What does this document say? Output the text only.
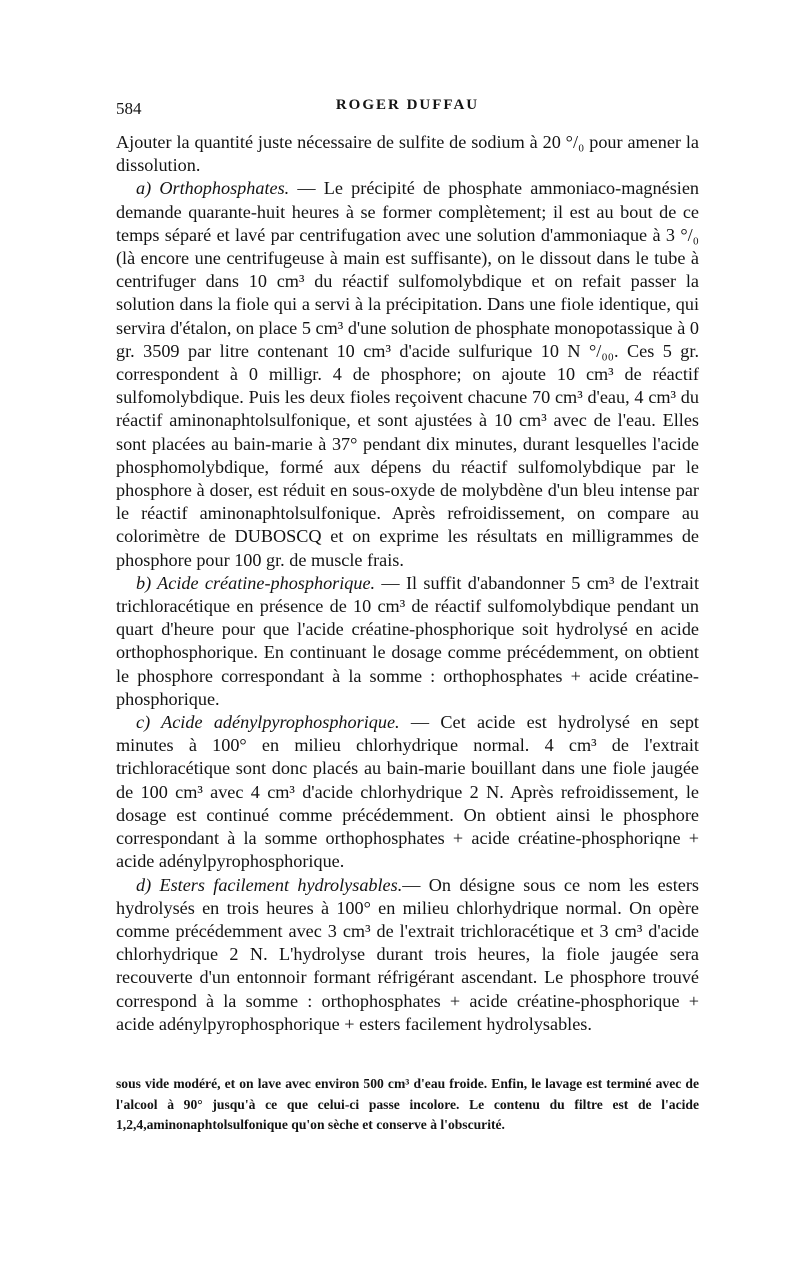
584	ROGER DUFFAU

Ajouter la quantité juste nécessaire de sulfite de sodium à 20 °/₀ pour amener la dissolution.

a) Orthophosphates. — Le précipité de phosphate ammoniaco-magnésien demande quarante-huit heures à se former complètement; il est au bout de ce temps séparé et lavé par centrifugation avec une solution d'ammoniaque à 3 °/₀ (là encore une centrifugeuse à main est suffisante), on le dissout dans le tube à centrifuger dans 10 cm³ du réactif sulfomolybdique et on refait passer la solution dans la fiole qui a servi à la précipitation. Dans une fiole identique, qui servira d'étalon, on place 5 cm³ d'une solution de phosphate monopotassique à 0 gr. 3509 par litre contenant 10 cm³ d'acide sulfurique 10 N °/₀₀. Ces 5 gr. correspondent à 0 milligr. 4 de phosphore; on ajoute 10 cm³ de réactif sulfomolybdique. Puis les deux fioles reçoivent chacune 70 cm³ d'eau, 4 cm³ du réactif aminonaphtolsulfonique, et sont ajustées à 10 cm³ avec de l'eau. Elles sont placées au bain-marie à 37° pendant dix minutes, durant lesquelles l'acide phosphomolybdique, formé aux dépens du réactif sulfomolybdique par le phosphore à doser, est réduit en sous-oxyde de molybdène d'un bleu intense par le réactif aminonaphtolsulfonique. Après refroidissement, on compare au colorimètre de DUBOSCQ et on exprime les résultats en milligrammes de phosphore pour 100 gr. de muscle frais.

b) Acide créatine-phosphorique. — Il suffit d'abandonner 5 cm³ de l'extrait trichloracétique en présence de 10 cm³ de réactif sulfomolybdique pendant un quart d'heure pour que l'acide créatine-phosphorique soit hydrolysé en acide orthophosphorique. En continuant le dosage comme précédemment, on obtient le phosphore correspondant à la somme : orthophosphates + acide créatine-phosphorique.

c) Acide adénylpyrophosphorique. — Cet acide est hydrolysé en sept minutes à 100° en milieu chlorhydrique normal. 4 cm³ de l'extrait trichloracétique sont donc placés au bain-marie bouillant dans une fiole jaugée de 100 cm³ avec 4 cm³ d'acide chlorhydrique 2 N. Après refroidissement, le dosage est continué comme précédemment. On obtient ainsi le phosphore correspondant à la somme orthophosphates + acide créatine-phosphoriqne + acide adénylpyrophosphorique.

d) Esters facilement hydrolysables.— On désigne sous ce nom les esters hydrolysés en trois heures à 100° en milieu chlorhydrique normal. On opère comme précédemment avec 3 cm³ de l'extrait trichloracétique et 3 cm³ d'acide chlorhydrique 2 N. L'hydrolyse durant trois heures, la fiole jaugée sera recouverte d'un entonnoir formant réfrigérant ascendant. Le phosphore trouvé correspond à la somme : orthophosphates + acide créatine-phosphorique + acide adénylpyrophosphorique + esters facilement hydrolysables.

sous vide modéré, et on lave avec environ 500 cm³ d'eau froide. Enfin, le lavage est terminé avec de l'alcool à 90° jusqu'à ce que celui-ci passe incolore. Le contenu du filtre est de l'acide 1,2,4,aminonaphtolsulfonique qu'on sèche et conserve à l'obscurité.
